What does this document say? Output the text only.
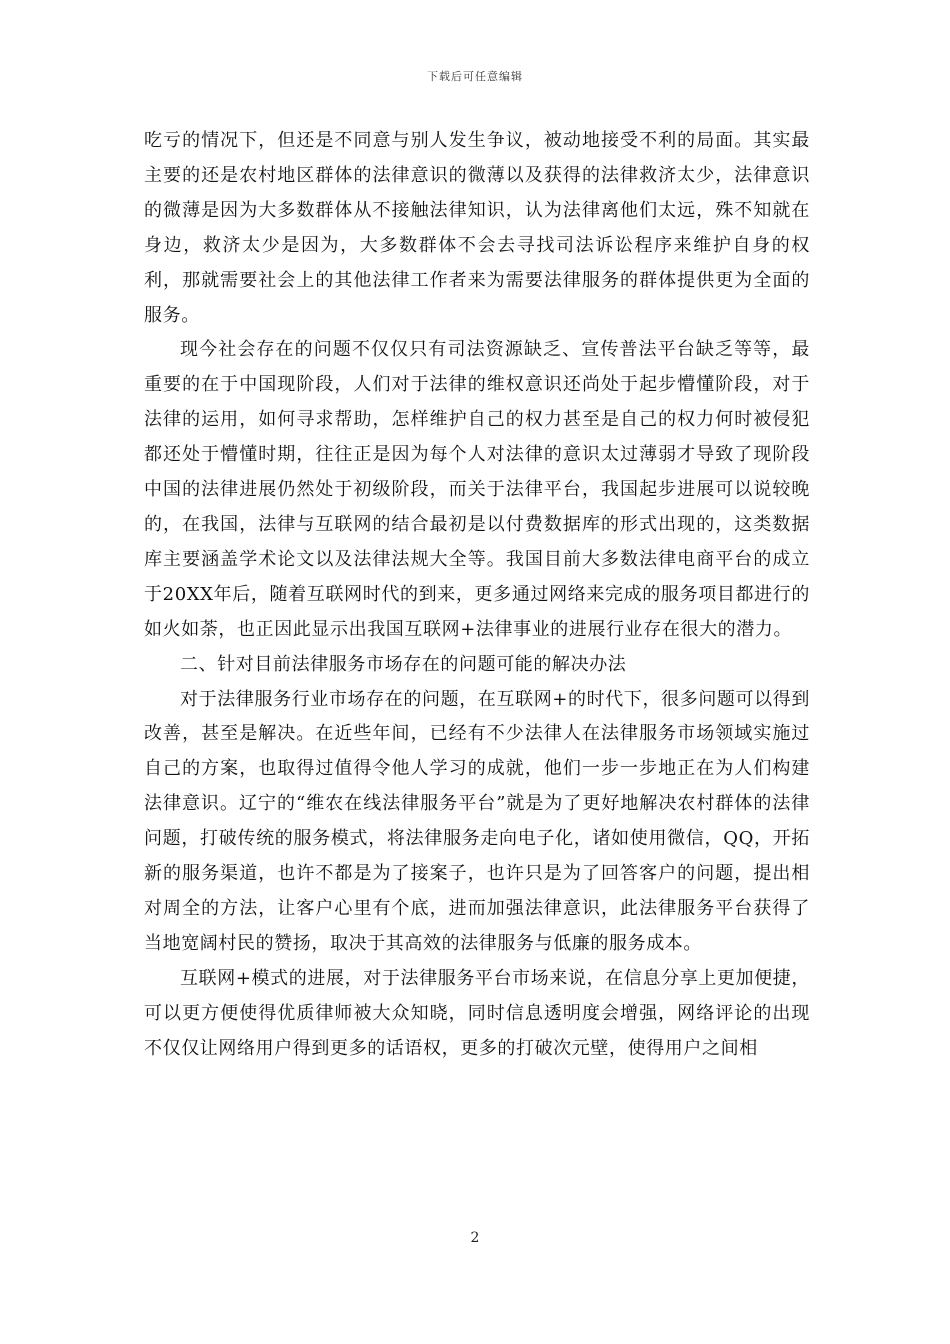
下载后可任意编辑

吃亏的情况下，但还是不同意与别人发生争议，被动地接受不利的局面。其实最主要的还是农村地区群体的法律意识的微薄以及获得的法律救济太少，法律意识的微薄是因为大多数群体从不接触法律知识，认为法律离他们太远，殊不知就在身边，救济太少是因为，大多数群体不会去寻找司法诉讼程序来维护自身的权利，那就需要社会上的其他法律工作者来为需要法律服务的群体提供更为全面的服务。

现今社会存在的问题不仅仅只有司法资源缺乏、宣传普法平台缺乏等等，最重要的在于中国现阶段，人们对于法律的维权意识还尚处于起步懵懂阶段，对于法律的运用，如何寻求帮助，怎样维护自己的权力甚至是自己的权力何时被侵犯都还处于懵懂时期，往往正是因为每个人对法律的意识太过薄弱才导致了现阶段中国的法律进展仍然处于初级阶段，而关于法律平台，我国起步进展可以说较晚的，在我国，法律与互联网的结合最初是以付费数据库的形式出现的，这类数据库主要涵盖学术论文以及法律法规大全等。我国目前大多数法律电商平台的成立于20XX年后，随着互联网时代的到来，更多通过网络来完成的服务项目都进行的如火如荼，也正因此显示出我国互联网+法律事业的进展行业存在很大的潜力。

二、针对目前法律服务市场存在的问题可能的解决办法

对于法律服务行业市场存在的问题，在互联网+的时代下，很多问题可以得到改善，甚至是解决。在近些年间，已经有不少法律人在法律服务市场领域实施过自己的方案，也取得过值得令他人学习的成就，他们一步一步地正在为人们构建法律意识。辽宁的“维农在线法律服务平台”就是为了更好地解决农村群体的法律问题，打破传统的服务模式，将法律服务走向电子化，诸如使用微信，QQ，开拓新的服务渠道，也许不都是为了接案子，也许只是为了回答客户的问题，提出相对周全的方法，让客户心里有个底，进而加强法律意识，此法律服务平台获得了当地宽阔村民的赞扬，取决于其高效的法律服务与低廉的服务成本。

互联网+模式的进展，对于法律服务平台市场来说，在信息分享上更加便捷，可以更方便使得优质律师被大众知晓，同时信息透明度会增强，网络评论的出现不仅仅让网络用户得到更多的话语权，更多的打破次元壁，使得用户之间相

2
